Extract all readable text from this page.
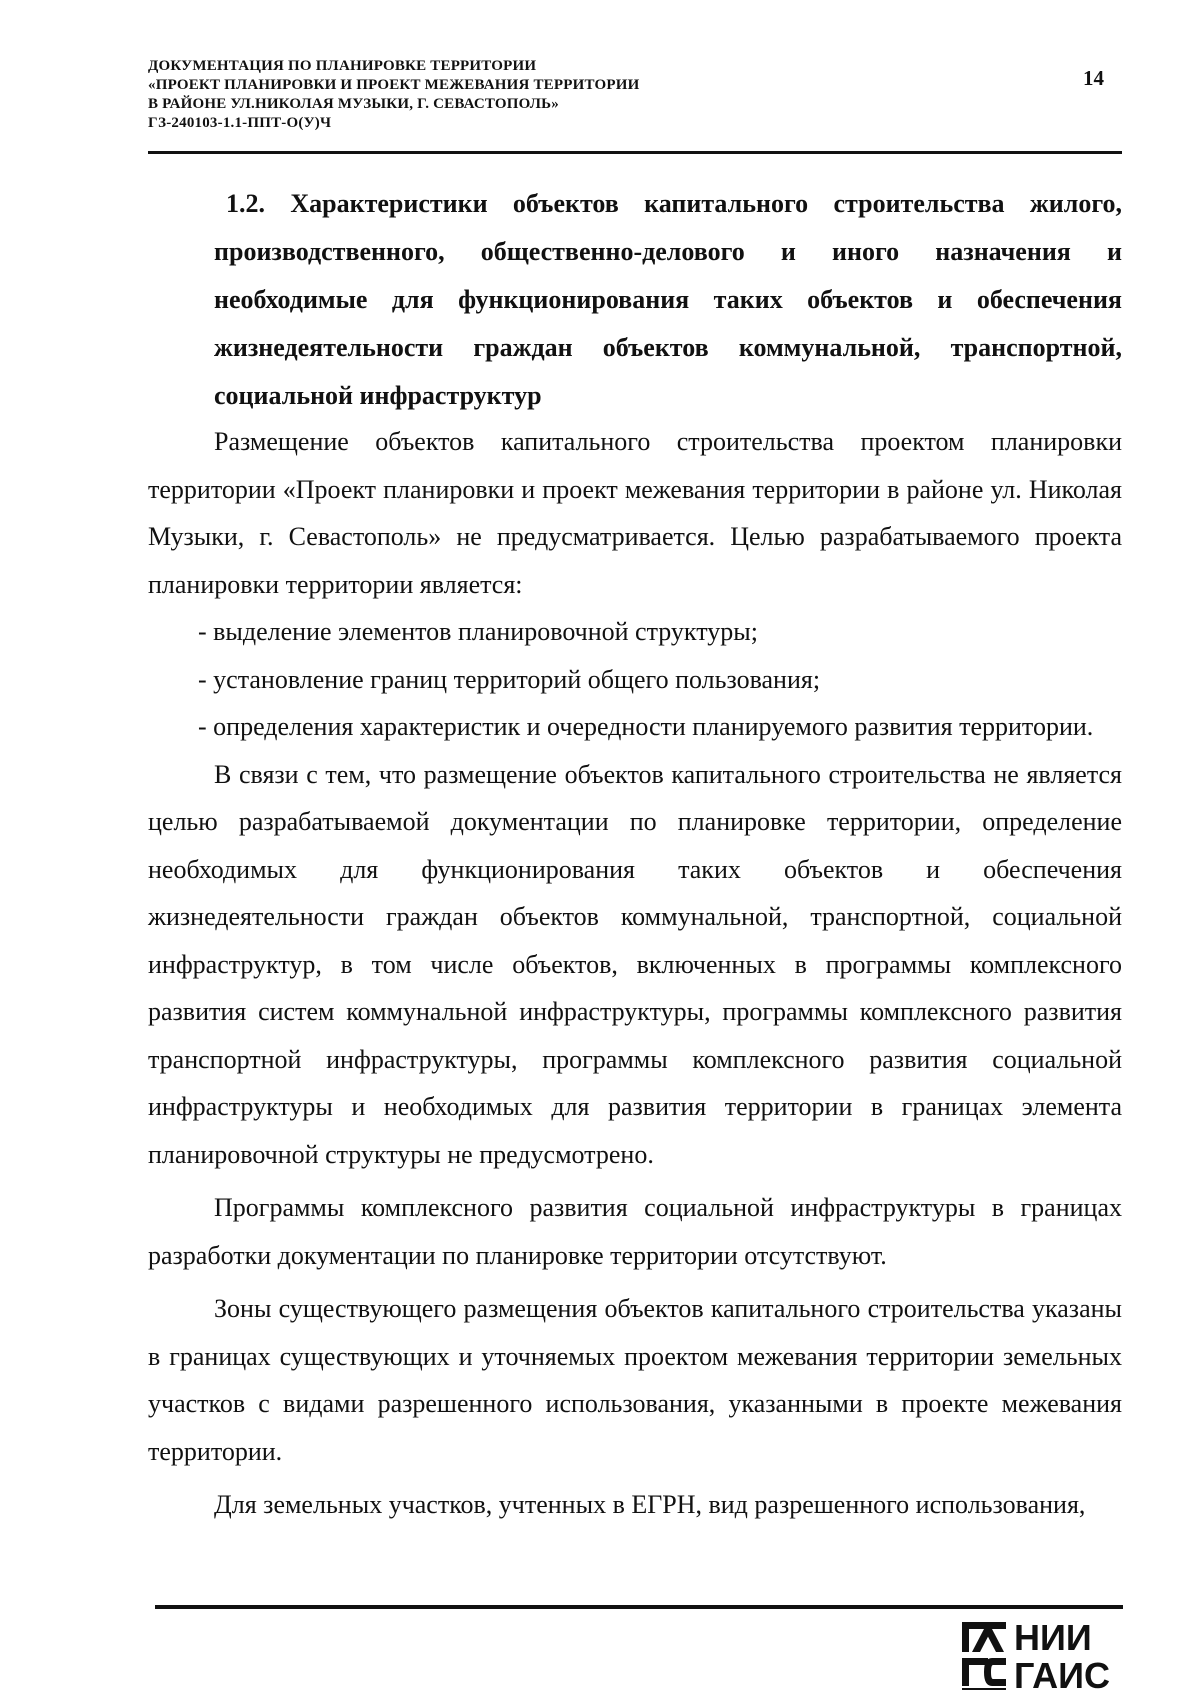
ДОКУМЕНТАЦИЯ ПО ПЛАНИРОВКЕ ТЕРРИТОРИИ
«ПРОЕКТ ПЛАНИРОВКИ И ПРОЕКТ МЕЖЕВАНИЯ ТЕРРИТОРИИ
В РАЙОНЕ УЛ.НИКОЛАЯ МУЗЫКИ, Г. СЕВАСТОПОЛЬ»
ГЗ-240103-1.1-ППТ-О(У)Ч
14
1.2. Характеристики объектов капитального строительства жилого, производственного, общественно-делового и иного назначения и необходимые для функционирования таких объектов и обеспечения жизнедеятельности граждан объектов коммунальной, транспортной, социальной инфраструктур

Размещение объектов капитального строительства проектом планировки территории «Проект планировки и проект межевания территории в районе ул. Николая Музыки, г. Севастополь» не предусматривается. Целью разрабатываемого проекта планировки территории является:

- выделение элементов планировочной структуры;

- установление границ территорий общего пользования;

- определения характеристик и очередности планируемого развития территории.

В связи с тем, что размещение объектов капитального строительства не является целью разрабатываемой документации по планировке территории, определение необходимых для функционирования таких объектов и обеспечения жизнедеятельности граждан объектов коммунальной, транспортной, социальной инфраструктур, в том числе объектов, включенных в программы комплексного развития систем коммунальной инфраструктуры, программы комплексного развития транспортной инфраструктуры, программы комплексного развития социальной инфраструктуры и необходимых для развития территории в границах элемента планировочной структуры не предусмотрено.

Программы комплексного развития социальной инфраструктуры в границах разработки документации по планировке территории отсутствуют.

Зоны существующего размещения объектов капитального строительства указаны в границах существующих и уточняемых проектом межевания территории земельных участков с видами разрешенного использования, указанными в проекте межевания территории.

Для земельных участков, учтенных в ЕГРН, вид разрешенного использования,

НИИ
ГАИС
